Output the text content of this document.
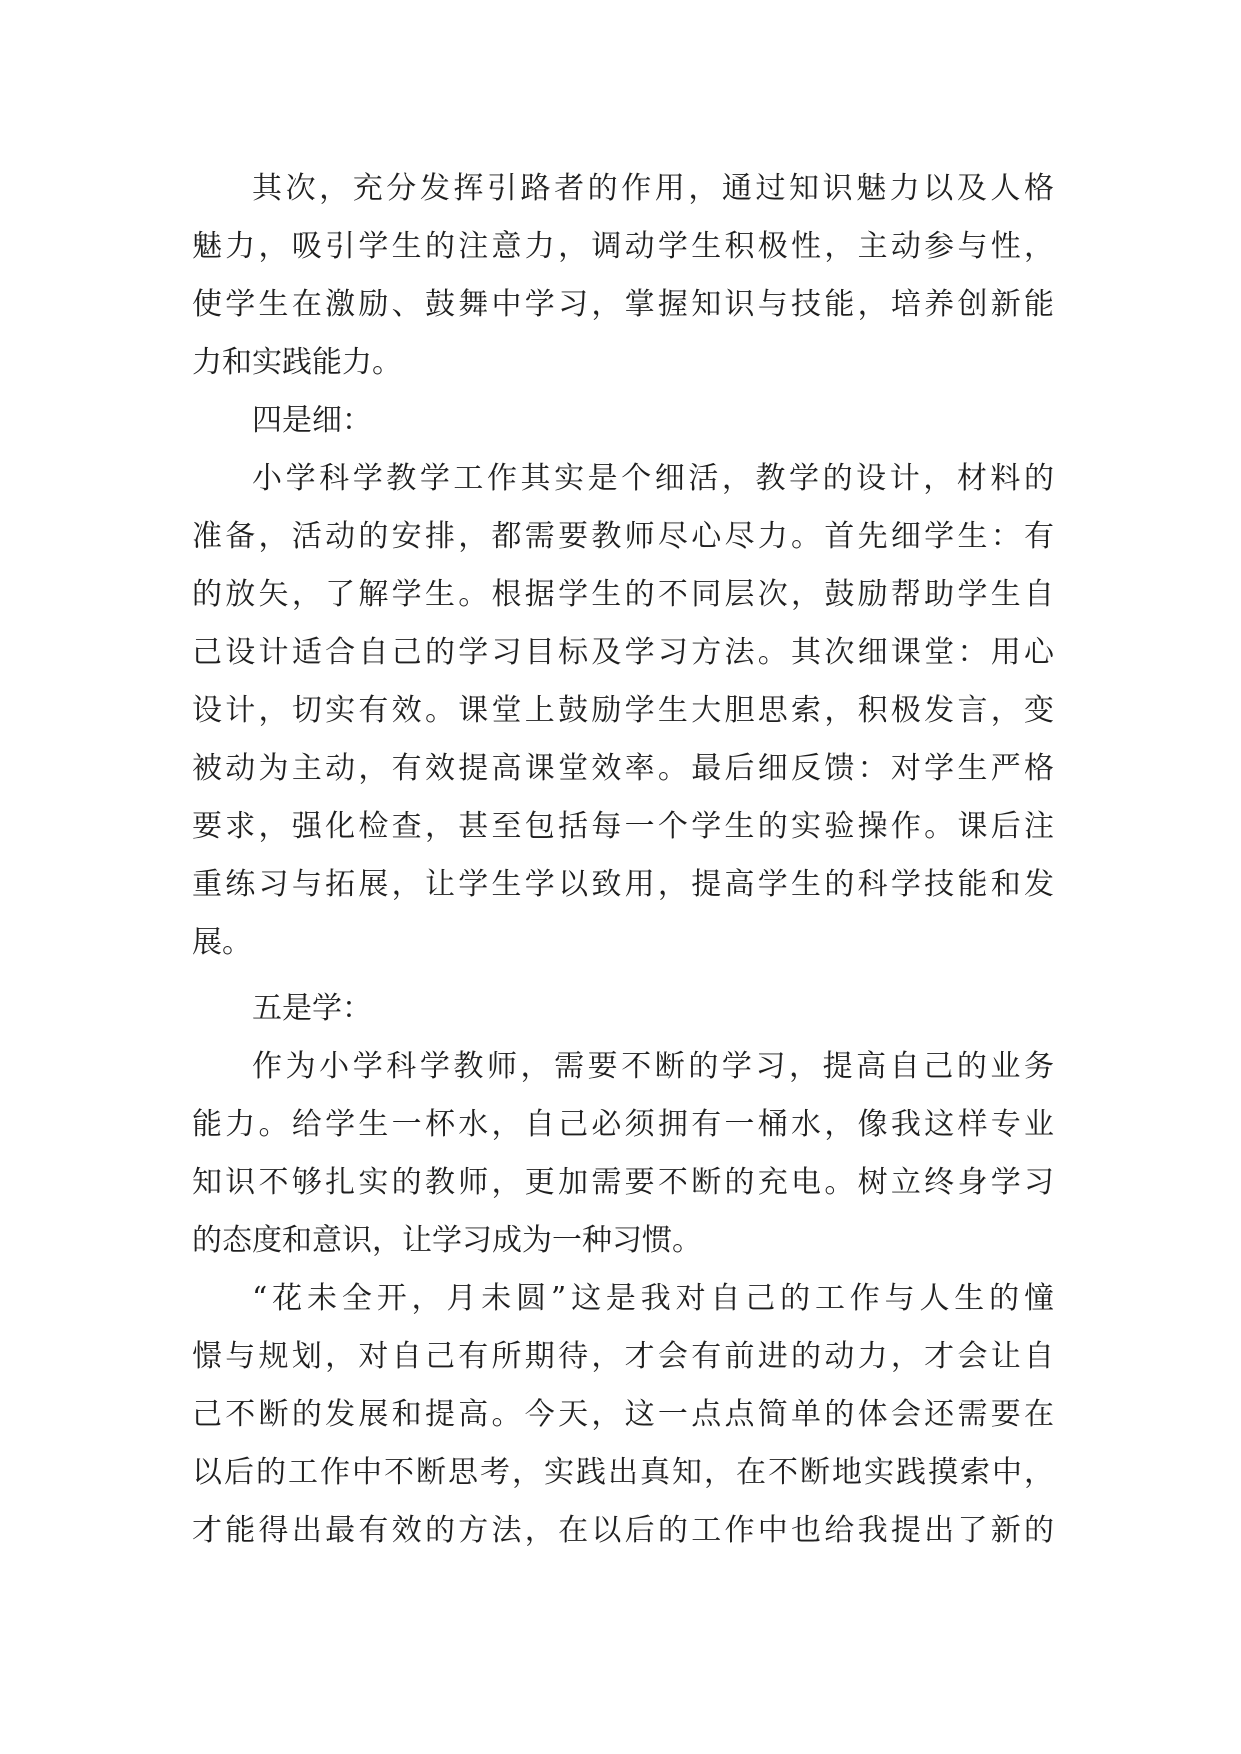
其次，充分发挥引路者的作用，通过知识魅力以及人格
魅力，吸引学生的注意力，调动学生积极性，主动参与性，
使学生在激励、鼓舞中学习，掌握知识与技能，培养创新能
力和实践能力。
四是细：
小学科学教学工作其实是个细活，教学的设计，材料的
准备，活动的安排，都需要教师尽心尽力。首先细学生：有
的放矢，了解学生。根据学生的不同层次，鼓励帮助学生自
己设计适合自己的学习目标及学习方法。其次细课堂：用心
设计，切实有效。课堂上鼓励学生大胆思索，积极发言，变
被动为主动，有效提高课堂效率。最后细反馈：对学生严格
要求，强化检查，甚至包括每一个学生的实验操作。课后注
重练习与拓展，让学生学以致用，提高学生的科学技能和发
展。
五是学：
作为小学科学教师，需要不断的学习，提高自己的业务
能力。给学生一杯水，自己必须拥有一桶水，像我这样专业
知识不够扎实的教师，更加需要不断的充电。树立终身学习
的态度和意识，让学习成为一种习惯。
“花未全开，月未圆”这是我对自己的工作与人生的憧
憬与规划，对自己有所期待，才会有前进的动力，才会让自
己不断的发展和提高。今天，这一点点简单的体会还需要在
以后的工作中不断思考，实践出真知，在不断地实践摸索中，
才能得出最有效的方法，在以后的工作中也给我提出了新的
